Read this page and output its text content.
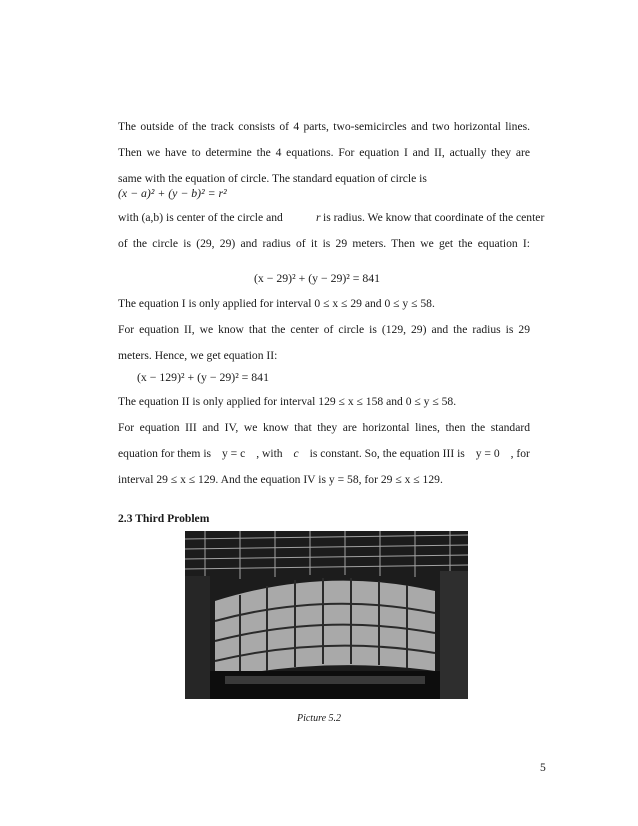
The outside of the track consists of 4 parts, two-semicircles and two horizontal lines.
Then we have to determine the 4 equations. For equation I and II, actually they are
same with the equation of circle. The standard equation of circle is
(x − a)² + (y − b)² = r²
with (a,b) is center of the circle and	r is radius. We know that coordinate of the center
of the circle is (29, 29) and radius of it is 29 meters. Then we get the equation I:
(x − 29)² + (y − 29)² = 841
The equation I is only applied for interval 0 ≤ x ≤ 29 and 0 ≤ y ≤ 58.
For equation II, we know that the center of circle is (129, 29) and the radius is 29
meters. Hence, we get equation II:
(x − 129)² + (y − 29)² = 841
The equation II is only applied for interval 129 ≤ x ≤ 158 and 0 ≤ y ≤ 58.
For equation III and IV, we know that they are horizontal lines, then the standard
equation for them is y = c , with c is constant. So, the equation III is y = 0 , for
interval 29 ≤ x ≤ 129. And the equation IV is y = 58, for 29 ≤ x ≤ 129.
2.3 Third Problem
Picture 5.2
5
